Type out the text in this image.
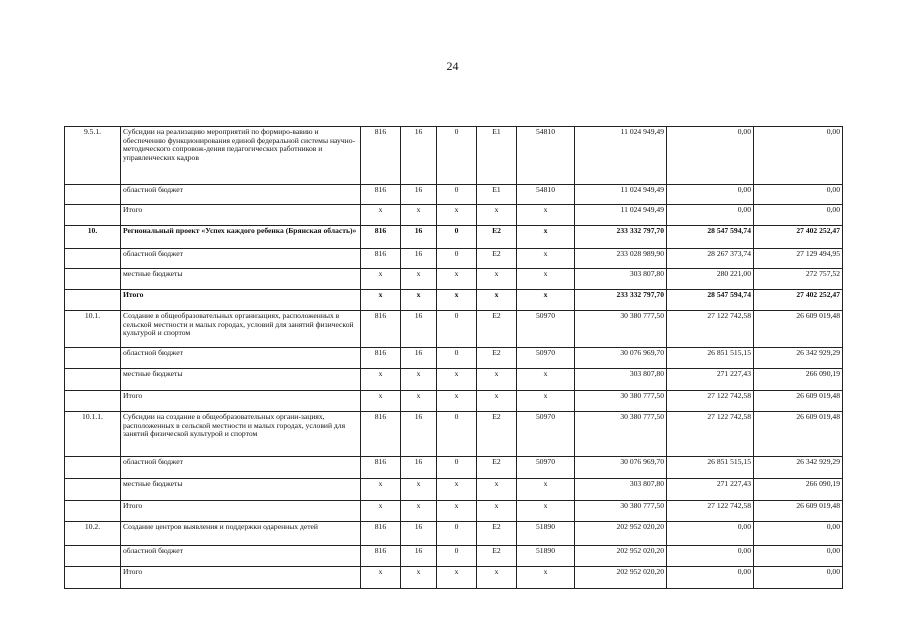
24
9.5.1.	Субсидии на реализацию мероприятий по формиро-вавию и обеспечению функционирования единой федеральной системы научно-методического сопровож-дения педагогических работников и управленческих кадров	816	16	0	E1	54810	11 024 949,49	0,00	0,00
	областной бюджет	816	16	0	E1	54810	11 024 949,49	0,00	0,00
	Итого	x	x	x	x	x	11 024 949,49	0,00	0,00
10.	Региональный проект «Успех каждого ребенка (Брянская область)»	816	16	0	E2	x	233 332 797,70	28 547 594,74	27 402 252,47
	областной бюджет	816	16	0	E2	x	233 028 989,90	28 267 373,74	27 129 494,95
	местные бюджеты	x	x	x	x	x	303 807,80	280 221,00	272 757,52
	Итого	x	x	x	x	x	233 332 797,70	28 547 594,74	27 402 252,47
10.1.	Создание в общеобразовательных организациях, расположенных в сельской местности и малых городах, условий для занятий физической культурой и спортом	816	16	0	E2	50970	30 380 777,50	27 122 742,58	26 609 019,48
	областной бюджет	816	16	0	E2	50970	30 076 969,70	26 851 515,15	26 342 929,29
	местные бюджеты	x	x	x	x	x	303 807,80	271 227,43	266 090,19
	Итого	x	x	x	x	x	30 380 777,50	27 122 742,58	26 609 019,48
10.1.1.	Субсидии на создание в общеобразовательных органи-зациях, расположенных в сельской местности и малых городах, условий для занятий физической культурой и спортом	816	16	0	E2	50970	30 380 777,50	27 122 742,58	26 609 019,48
	областной бюджет	816	16	0	E2	50970	30 076 969,70	26 851 515,15	26 342 929,29
	местные бюджеты	x	x	x	x	x	303 807,80	271 227,43	266 090,19
	Итого	x	x	x	x	x	30 380 777,50	27 122 742,58	26 609 019,48
10.2.	Создание центров выявления и поддержки одаренных детей	816	16	0	E2	51890	202 952 020,20	0,00	0,00
	областной бюджет	816	16	0	E2	51890	202 952 020,20	0,00	0,00
	Итого	x	x	x	x	x	202 952 020,20	0,00	0,00
